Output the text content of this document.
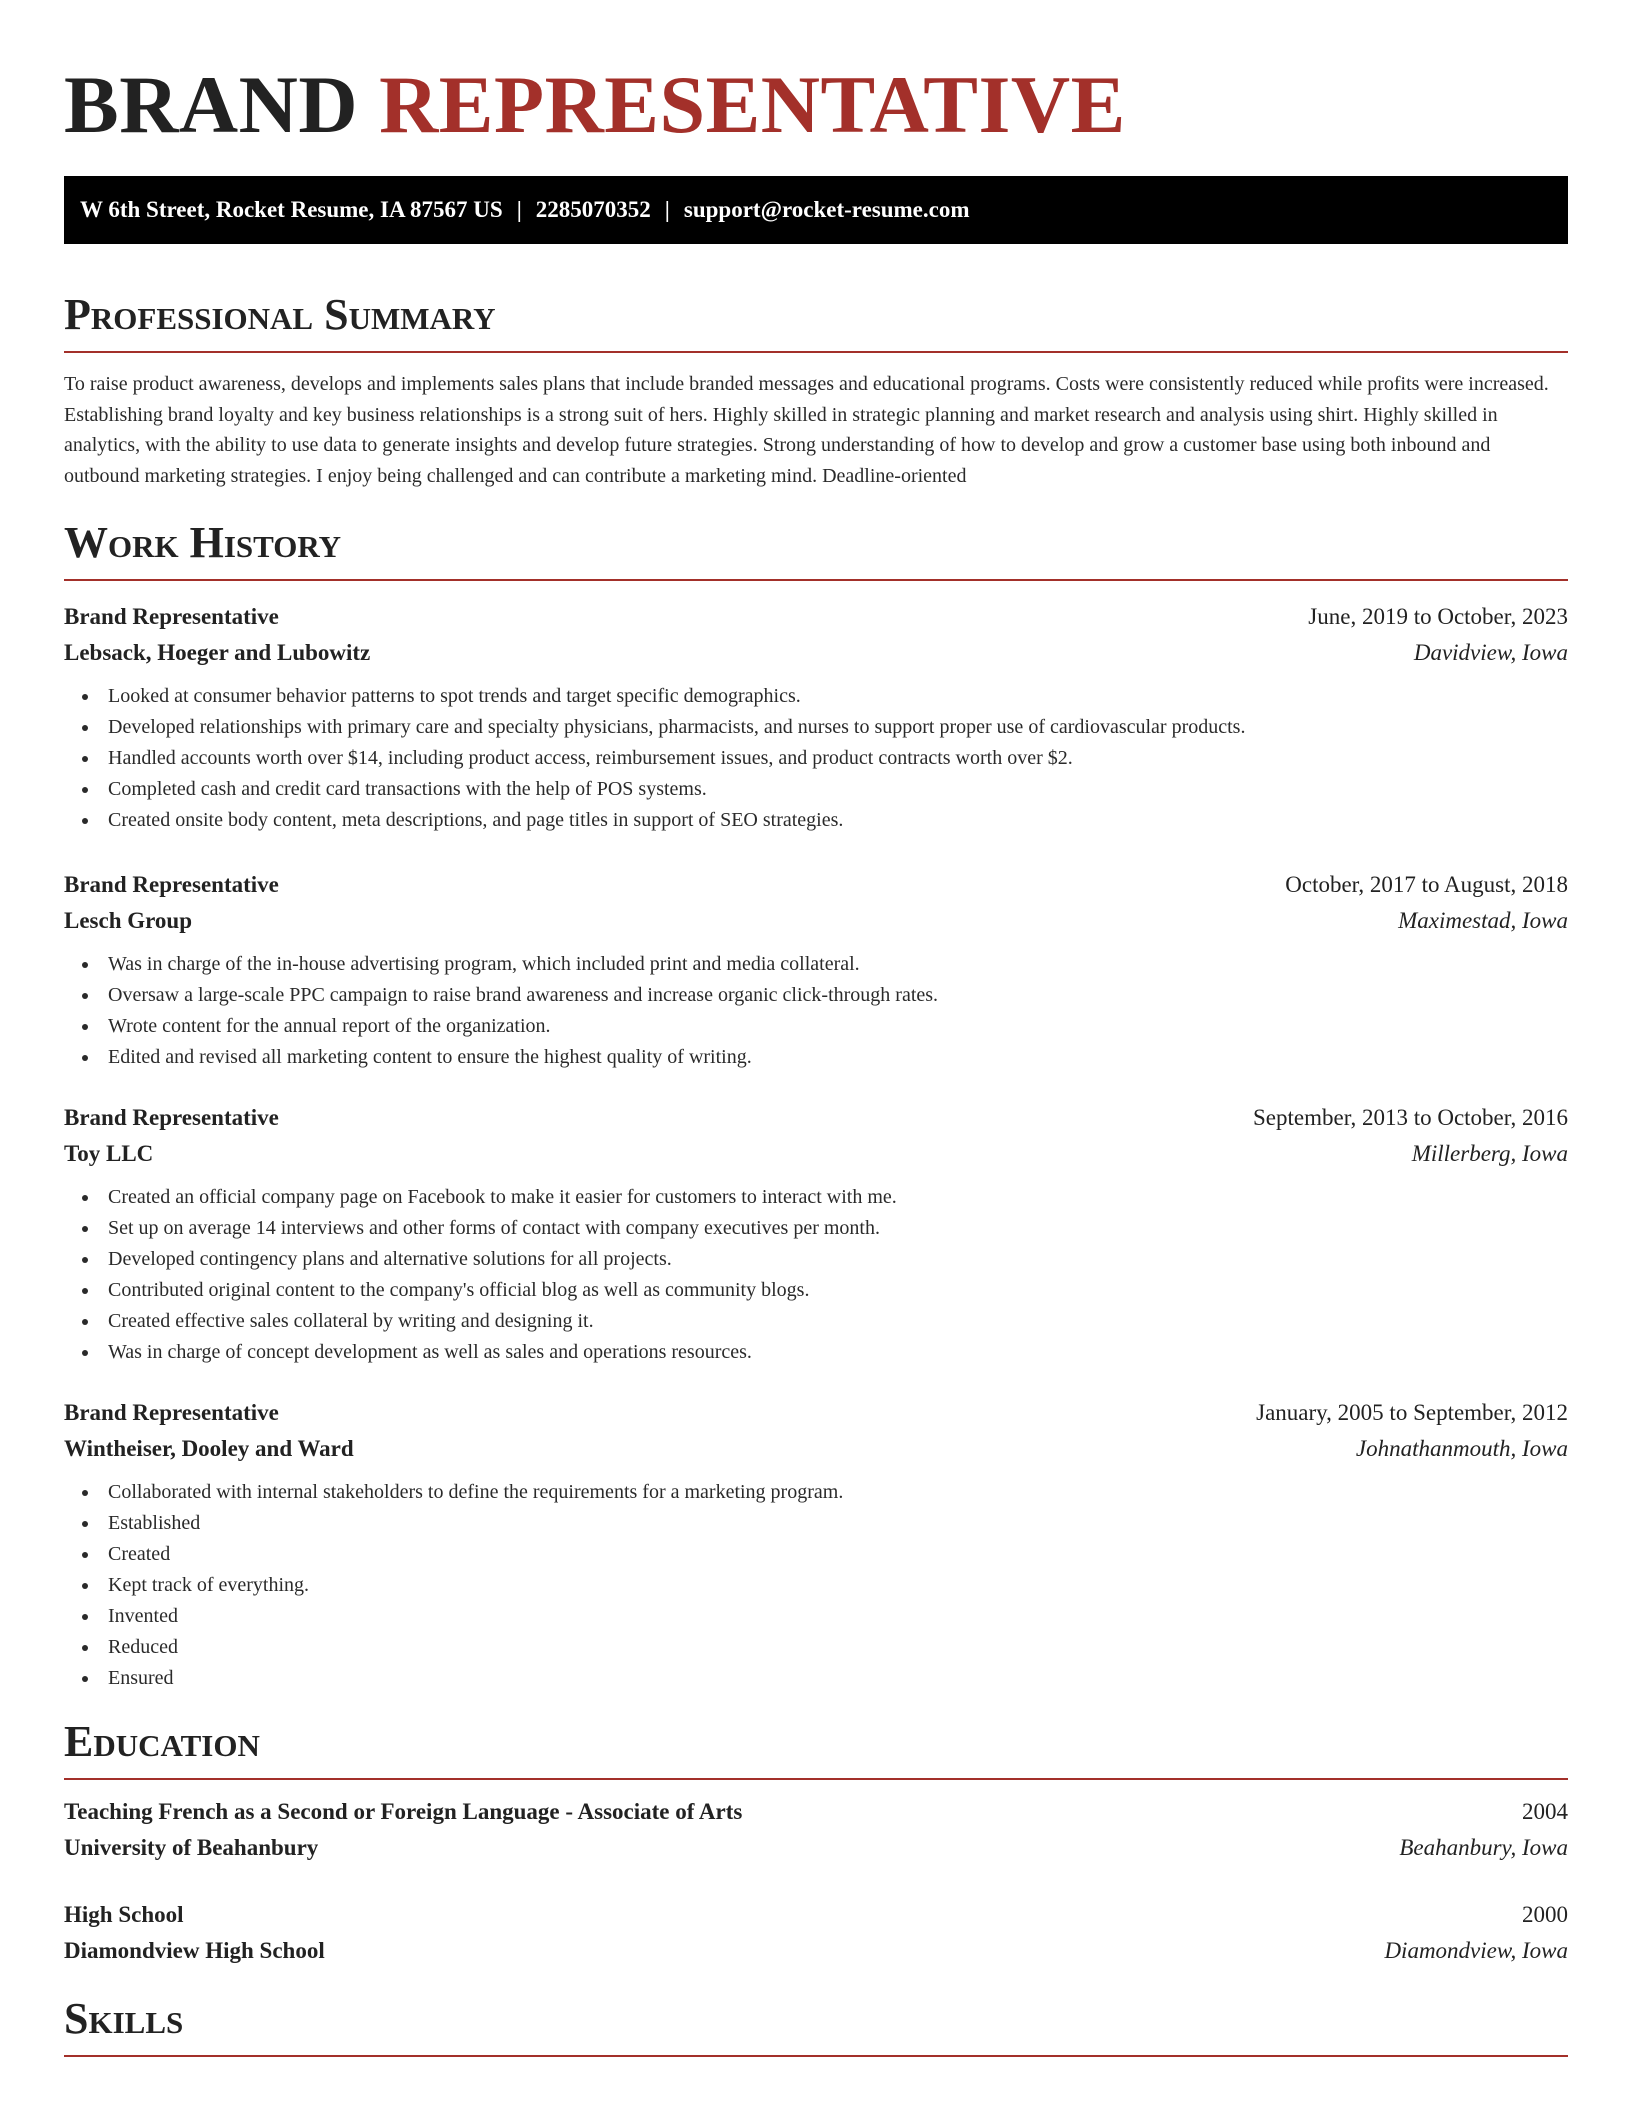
BRAND REPRESENTATIVE
W 6th Street, Rocket Resume, IA 87567 US | 2285070352 | support@rocket-resume.com
Professional Summary

To raise product awareness, develops and implements sales plans that include branded messages and educational programs. Costs were consistently reduced while profits were increased. Establishing brand loyalty and key business relationships is a strong suit of hers. Highly skilled in strategic planning and market research and analysis using shirt. Highly skilled in analytics, with the ability to use data to generate insights and develop future strategies. Strong understanding of how to develop and grow a customer base using both inbound and outbound marketing strategies. I enjoy being challenged and can contribute a marketing mind. Deadline-oriented

Work History
Brand Representative	June, 2019 to October, 2023
Lebsack, Hoeger and Lubowitz	Davidview, Iowa
Looked at consumer behavior patterns to spot trends and target specific demographics.
Developed relationships with primary care and specialty physicians, pharmacists, and nurses to support proper use of cardiovascular products.
Handled accounts worth over $14, including product access, reimbursement issues, and product contracts worth over $2.
Completed cash and credit card transactions with the help of POS systems.
Created onsite body content, meta descriptions, and page titles in support of SEO strategies.
Brand Representative	October, 2017 to August, 2018
Lesch Group	Maximestad, Iowa
Was in charge of the in-house advertising program, which included print and media collateral.
Oversaw a large-scale PPC campaign to raise brand awareness and increase organic click-through rates.
Wrote content for the annual report of the organization.
Edited and revised all marketing content to ensure the highest quality of writing.
Brand Representative	September, 2013 to October, 2016
Toy LLC	Millerberg, Iowa
Created an official company page on Facebook to make it easier for customers to interact with me.
Set up on average 14 interviews and other forms of contact with company executives per month.
Developed contingency plans and alternative solutions for all projects.
Contributed original content to the company's official blog as well as community blogs.
Created effective sales collateral by writing and designing it.
Was in charge of concept development as well as sales and operations resources.
Brand Representative	January, 2005 to September, 2012
Wintheiser, Dooley and Ward	Johnathanmouth, Iowa
Collaborated with internal stakeholders to define the requirements for a marketing program.
Established
Created
Kept track of everything.
Invented
Reduced
Ensured
Education
Teaching French as a Second or Foreign Language - Associate of Arts	2004
University of Beahanbury	Beahanbury, Iowa
High School	2000
Diamondview High School	Diamondview, Iowa
Skills
